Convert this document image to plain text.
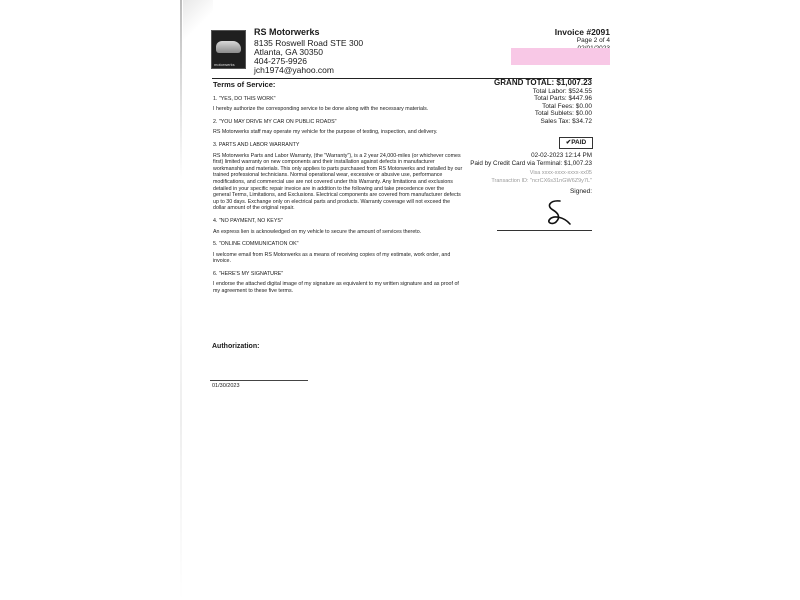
motorwerks
RS Motorwerks
8135 Roswell Road STE 300
Atlanta, GA 30350
404-275-9926
jch1974@yahoo.com
Invoice #2091
Page 2 of 4
Terms of Service:
1. "YES, DO THIS WORK"

I hereby authorize the corresponding service to be done along with the necessary materials.

2. "YOU MAY DRIVE MY CAR ON PUBLIC ROADS"

RS Motorwerks staff may operate my vehicle for the purpose of testing, inspection, and delivery.

3. PARTS AND LABOR WARRANTY

RS Motorwerks Parts and Labor Warranty, (the "Warranty"), is a 2 year 24,000-miles (or whichever comes first) limited warranty on new components and their installation against defects in manufacturer workmanship and materials. This only applies to parts purchased from RS Motorwerks and installed by our trained professional technicians. Normal operational wear, excessive or abusive use, performance modifications, and commercial use are not covered under this Warranty. Any limitations and exclusions detailed in your specific repair invoice are in addition to the following and take precedence over the general Terms, Limitations, and Exclusions. Electrical components are covered from manufacturer defects up to 30 days. Exchange only on electrical parts and products. Warranty coverage will not exceed the dollar amount of the original repair.

4. "NO PAYMENT, NO KEYS"

An express lien is acknowledged on my vehicle to secure the amount of services thereto.

5. "ONLINE COMMUNICATION OK"

I welcome email from RS Motorwerks as a means of receiving copies of my estimate, work order, and invoice.

6. "HERE'S MY SIGNATURE"

I endorse the attached digital image of my signature as equivalent to my written signature and as proof of my agreement to these five terms.

Authorization:
01/30/2023
GRAND TOTAL: $1,007.23
Total Labor: $524.55
Total Parts: $447.96
Total Fees: $0.00
Total Sublets: $0.00
Sales Tax: $34.72
✔PAID
02-02-2023 12:14 PM
Paid by Credit Card via Terminal: $1,007.23
Visa xxxx-xxxx-xxxx-xx05
Transaction ID: "ncrCX6s31nGW6Z9y7L"
Signed:
